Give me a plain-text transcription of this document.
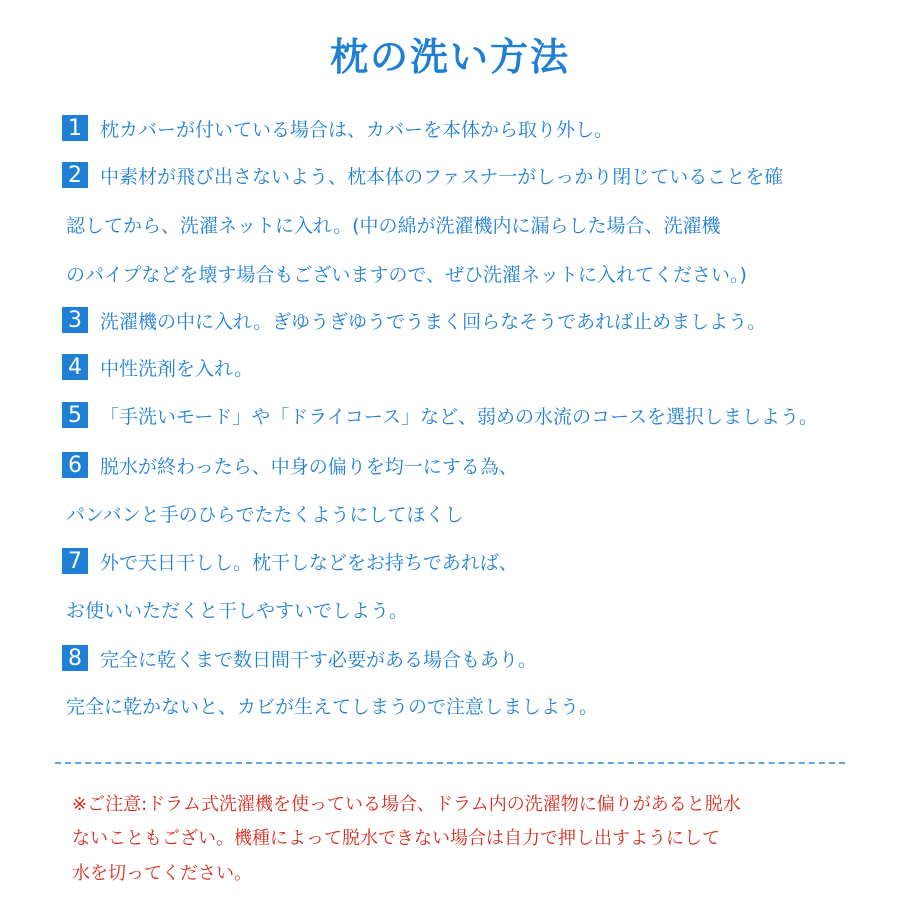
枕の洗い方法
1 枕カバーが付いている場合は、カバーを本体から取り外し。
2 中素材が飛び出さないよう、枕本体のファスナ一がしっかり閉じていることを確
認してから、洗濯ネットに入れ。(中の綿が洗濯機内に漏らした場合、洗濯機
のパイプなどを壊す場合もございますので、ぜひ洗濯ネットに入れてください。)
3 洗濯機の中に入れ。ぎゆうぎゆうでうまく回らなそうであれば止めましよう。
4 中性洗剤を入れ。
5 「手洗いモード」や「ドライコース」など、弱めの水流のコースを選択しましよう。
6 脱水が終わったら、中身の偏りを均一にする為、
パンバンと手のひらでたたくようにしてほくし
7 外で天日干しし。枕干しなどをお持ちであれば、
お使いいただくと干しやすいでしよう。
8 完全に乾くまで数日間干す必要がある場合もあり。
完全に乾かないと、カビが生えてしまうので注意しましよう。
※ご注意:ドラム式洗濯機を使っている場合、ドラム内の洗濯物に偏りがあると脱水
ないこともござい。機種によって脱水できない場合は自力で押し出すようにして
水を切ってください。
